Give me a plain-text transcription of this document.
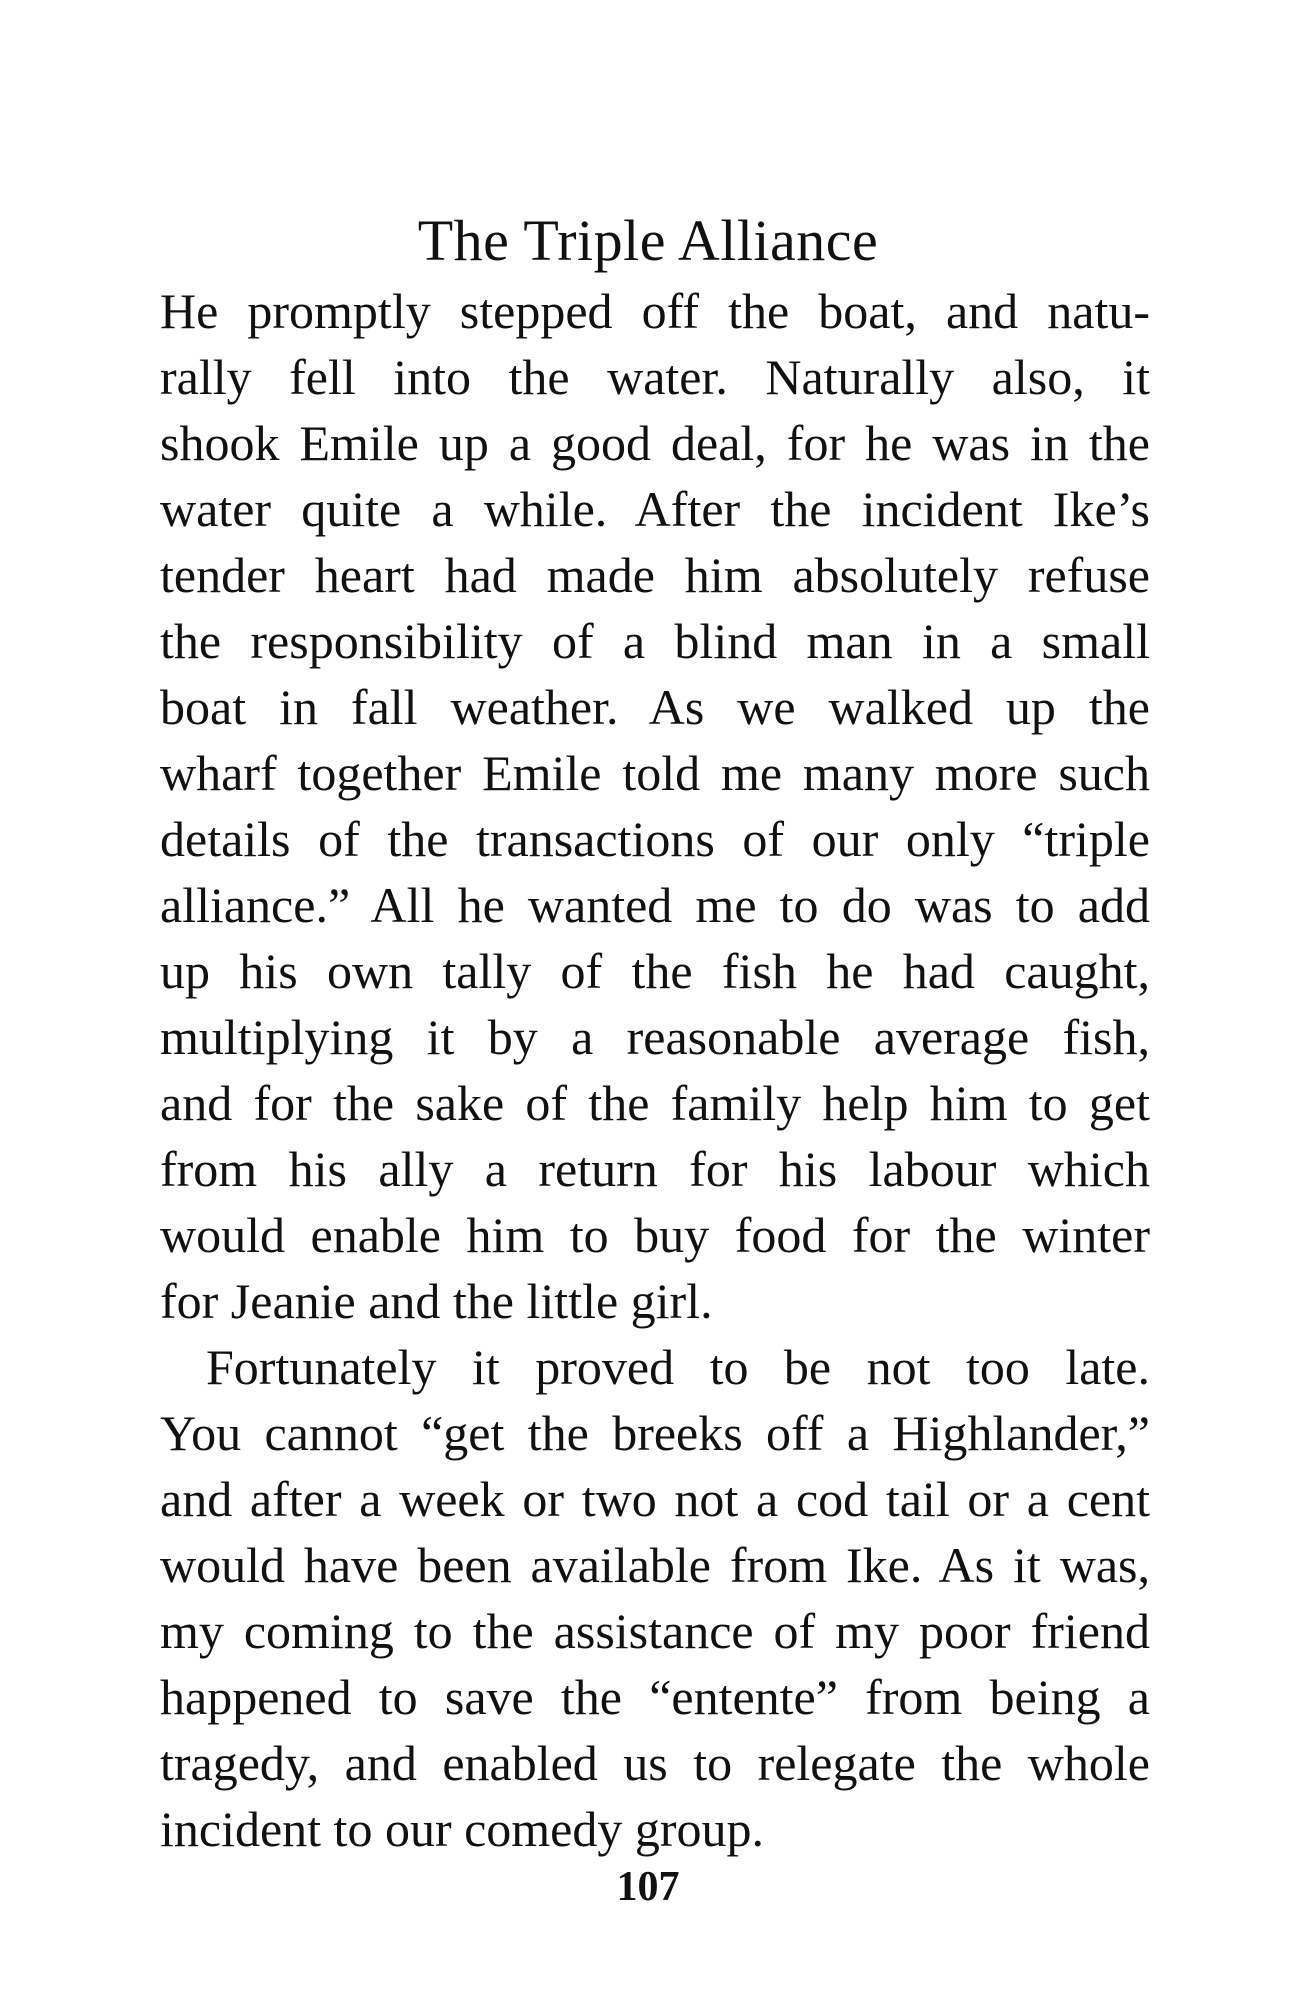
The Triple Alliance
He promptly stepped off the boat, and natu-
rally fell into the water. Naturally also, it
shook Emile up a good deal, for he was in the
water quite a while. After the incident Ike’s
tender heart had made him absolutely refuse
the responsibility of a blind man in a small
boat in fall weather. As we walked up the
wharf together Emile told me many more such
details of the transactions of our only “triple
alliance.” All he wanted me to do was to add
up his own tally of the fish he had caught,
multiplying it by a reasonable average fish,
and for the sake of the family help him to get
from his ally a return for his labour which
would enable him to buy food for the winter
for Jeanie and the little girl.
Fortunately it proved to be not too late.
You cannot “get the breeks off a Highlander,”
and after a week or two not a cod tail or a cent
would have been available from Ike. As it was,
my coming to the assistance of my poor friend
happened to save the “entente” from being a
tragedy, and enabled us to relegate the whole
incident to our comedy group.
107
